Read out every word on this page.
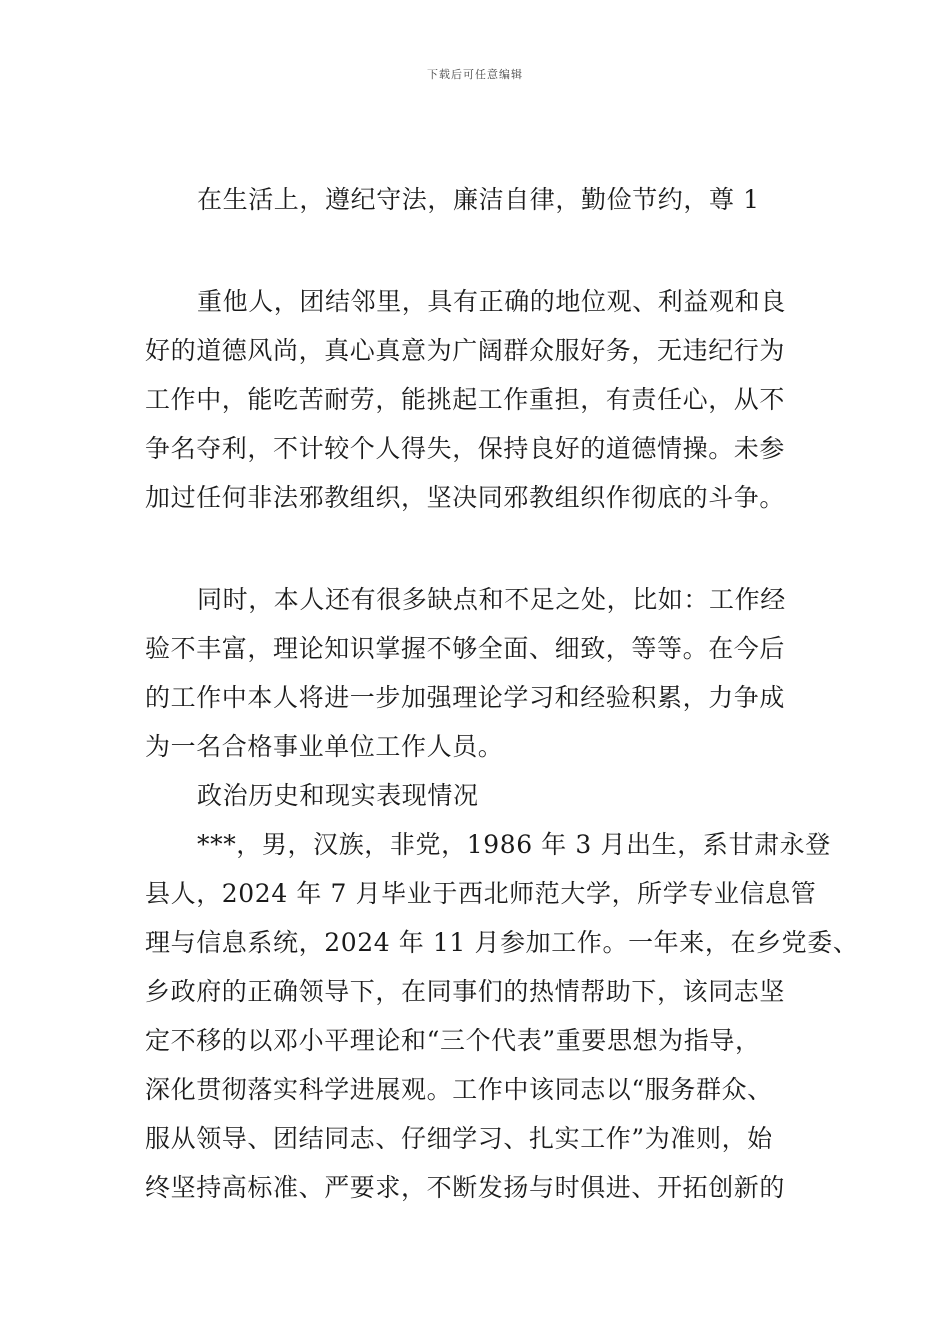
下载后可任意编辑
在生活上，遵纪守法，廉洁自律，勤俭节约，尊 1
重他人，团结邻里，具有正确的地位观、利益观和良
好的道德风尚，真心真意为广阔群众服好务，无违纪行为
工作中，能吃苦耐劳，能挑起工作重担，有责任心，从不
争名夺利，不计较个人得失，保持良好的道德情操。未参
加过任何非法邪教组织，坚决同邪教组织作彻底的斗争。
同时，本人还有很多缺点和不足之处，比如：工作经
验不丰富，理论知识掌握不够全面、细致，等等。在今后
的工作中本人将进一步加强理论学习和经验积累，力争成
为一名合格事业单位工作人员。
政治历史和现实表现情况
***，男，汉族，非党，1986 年 3 月出生，系甘肃永登
县人，2024 年 7 月毕业于西北师范大学，所学专业信息管
理与信息系统，2024 年 11 月参加工作。一年来，在乡党委、
乡政府的正确领导下，在同事们的热情帮助下，该同志坚
定不移的以邓小平理论和“三个代表”重要思想为指导，
深化贯彻落实科学进展观。工作中该同志以“服务群众、
服从领导、团结同志、仔细学习、扎实工作”为准则，始
终坚持高标准、严要求，不断发扬与时俱进、开拓创新的
